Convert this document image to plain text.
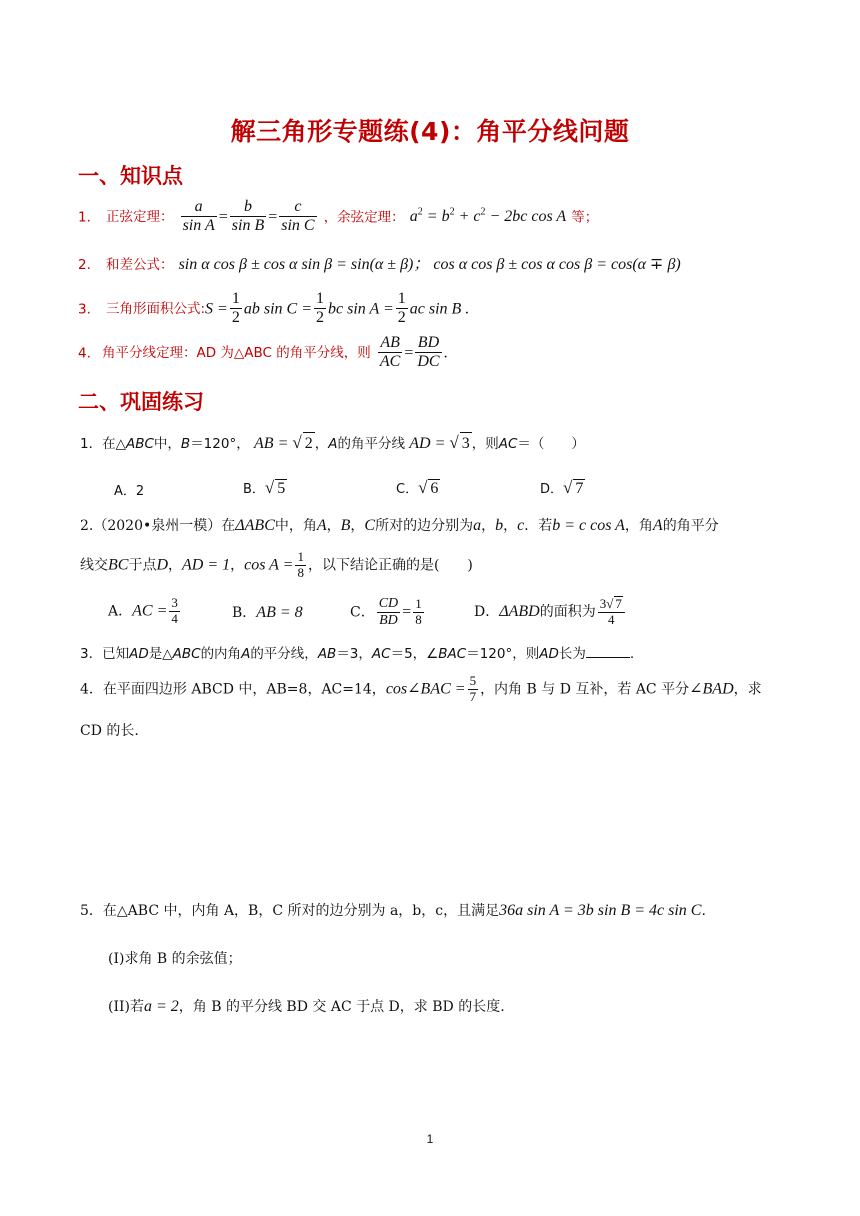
解三角形专题练(4)：角平分线问题
一、知识点
1. 正弦定理： $\frac{a}{\text{sin A}} = \frac{b}{\text{sin B}} = \frac{c}{\text{sin C}}$ ，余弦定理： $a^2 = b^2 + c^2 - 2bc$ cos A 等；
2. 和差公式： sin α cos β ± cos α sin β = sin(α ± β)； cos α cos β ± cos α cos β = cos(α ∓ β)
3. 三角形面积公式:S = $\frac{1}{2}$ ab $\sin C = \frac{1}{2}$ bc $\sin A = \frac{1}{2}$ ac sin B .
4. 角平分线定理：AD 为△ABC 的角平分线，则 $\frac{AB}{AC} = \frac{BD}{DC}$ .
二、巩固练习
1．在△ABC中，B＝120°， AB = √ 2 ，A的角平分线 AD = √ 3 ，则AC＝（　　）
A．2	B．√ 5	C．√ 6	D．√ 7
2.（2020•泉州一模）在ΔABC中，角A，B，C所对的边分别为a，b，c．若b = c cos A，角A的角平分
线交BC于点D，AD = 1，$\cos A = \frac{1}{8}$ ，以下结论正确的是(　　)
A．AC = $\frac{3}{4}$	B．AB = 8	C． $\frac{CD}{BD} = \frac{1}{8}$	D．ΔABD的面积为 $\frac{3√ 7}{4}$
3．已知AD是△ABC的内角A的平分线，AB＝3，AC＝5，∠BAC＝120°，则AD长为	.
4．在平面四边形 ABCD 中，AB=8，AC=14，cos∠BAC = $\frac{5}{7}$ ，内角 B 与 D 互补，若 AC 平分∠BAD，求
CD 的长.
5．在△ABC 中，内角 A，B，C 所对的边分别为 a，b，c，且满足36a sin A = 3b sin B = 4c sin C.
(I)求角 B 的余弦值；
(II)若a = 2，角 B 的平分线 BD 交 AC 于点 D，求 BD 的长度.
1
